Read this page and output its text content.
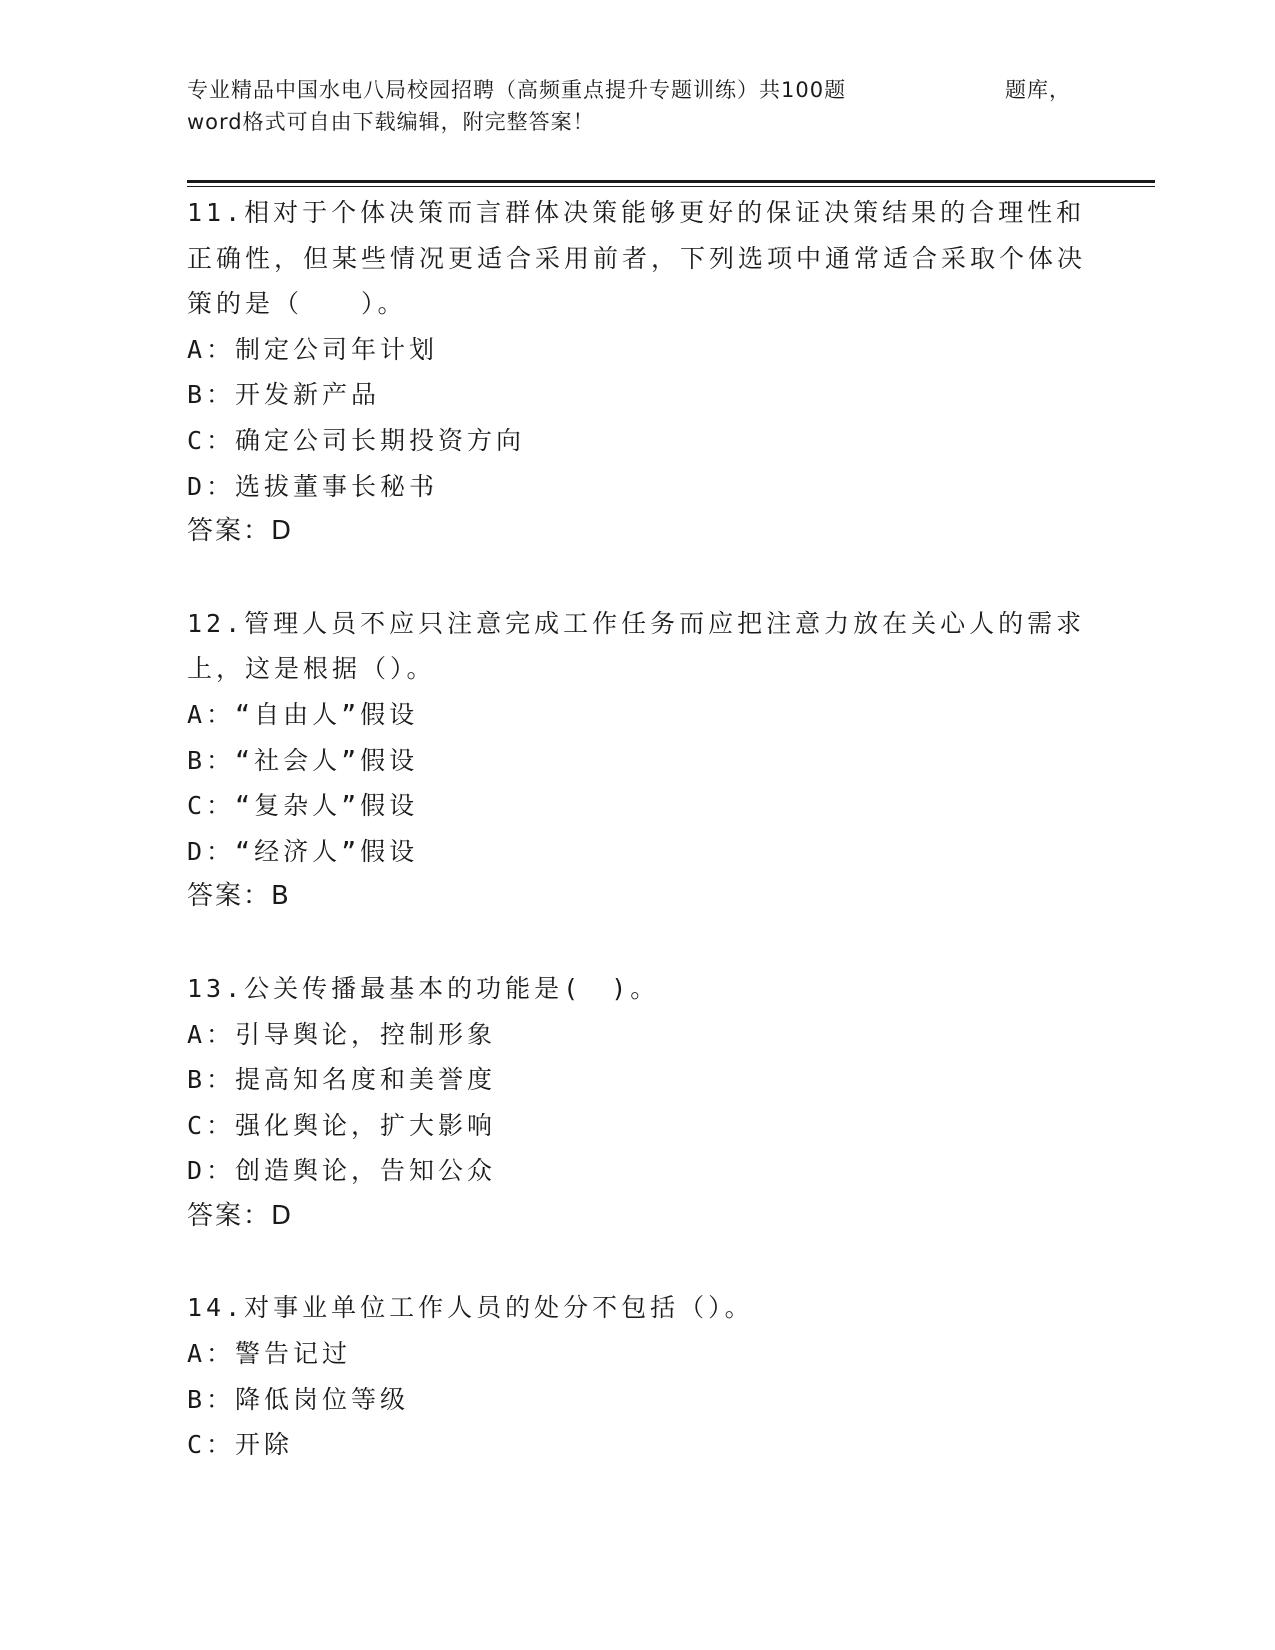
专业精品中国水电八局校园招聘（高频重点提升专题训练）共100题	题库，
word格式可自由下载编辑，附完整答案！

11.相对于个体决策而言群体决策能够更好的保证决策结果的合理性和正确性，但某些情况更适合采用前者，下列选项中通常适合采取个体决策的是（　　）。

A：制定公司年计划

B：开发新产品

C：确定公司长期投资方向

D：选拔董事长秘书

答案：D

12.管理人员不应只注意完成工作任务而应把注意力放在关心人的需求上，这是根据（）。

A：“自由人”假设

B：“社会人”假设

C：“复杂人”假设

D：“经济人”假设

答案：B

13.公关传播最基本的功能是(　)。

A：引导舆论，控制形象

B：提高知名度和美誉度

C：强化舆论，扩大影响

D：创造舆论，告知公众

答案：D

14.对事业单位工作人员的处分不包括（）。

A：警告记过

B：降低岗位等级

C：开除
